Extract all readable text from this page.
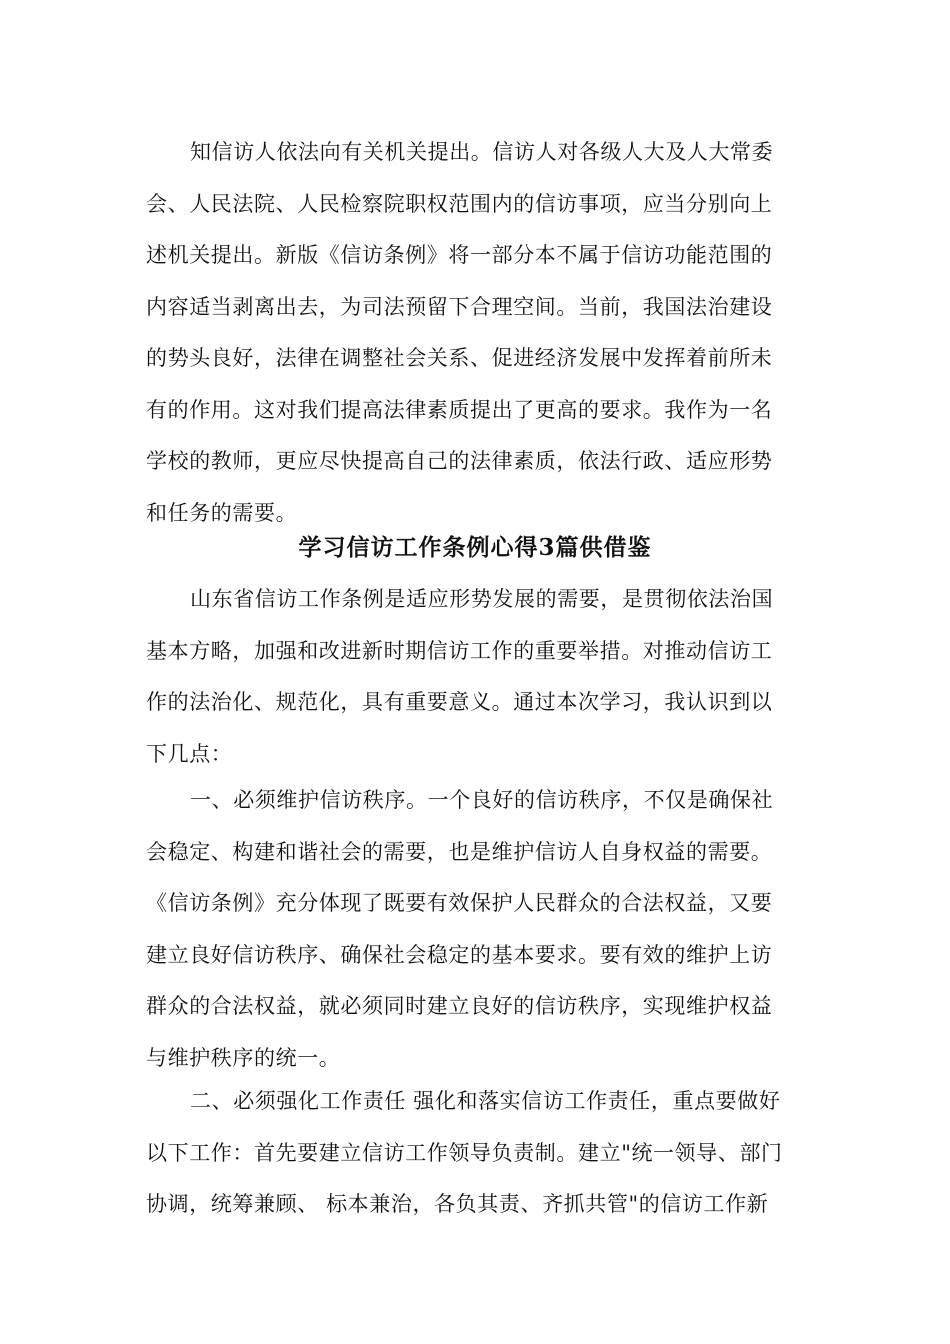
知信访人依法向有关机关提出。信访人对各级人大及人大常委
会、人民法院、人民检察院职权范围内的信访事项，应当分别向上
述机关提出。新版《信访条例》将一部分本不属于信访功能范围的
内容适当剥离出去，为司法预留下合理空间。当前，我国法治建设
的势头良好，法律在调整社会关系、促进经济发展中发挥着前所未
有的作用。这对我们提高法律素质提出了更高的要求。我作为一名
学校的教师，更应尽快提高自己的法律素质，依法行政、适应形势
和任务的需要。
学习信访工作条例心得3篇供借鉴
山东省信访工作条例是适应形势发展的需要，是贯彻依法治国
基本方略，加强和改进新时期信访工作的重要举措。对推动信访工
作的法治化、规范化，具有重要意义。通过本次学习，我认识到以
下几点：
一、必须维护信访秩序。一个良好的信访秩序，不仅是确保社
会稳定、构建和谐社会的需要，也是维护信访人自身权益的需要。
《信访条例》充分体现了既要有效保护人民群众的合法权益，又要
建立良好信访秩序、确保社会稳定的基本要求。要有效的维护上访
群众的合法权益，就必须同时建立良好的信访秩序，实现维护权益
与维护秩序的统一。
二、必须强化工作责任 强化和落实信访工作责任，重点要做好
以下工作：首先要建立信访工作领导负责制。建立"统一领导、部门
协调，统筹兼顾、 标本兼治，各负其责、齐抓共管"的信访工作新
